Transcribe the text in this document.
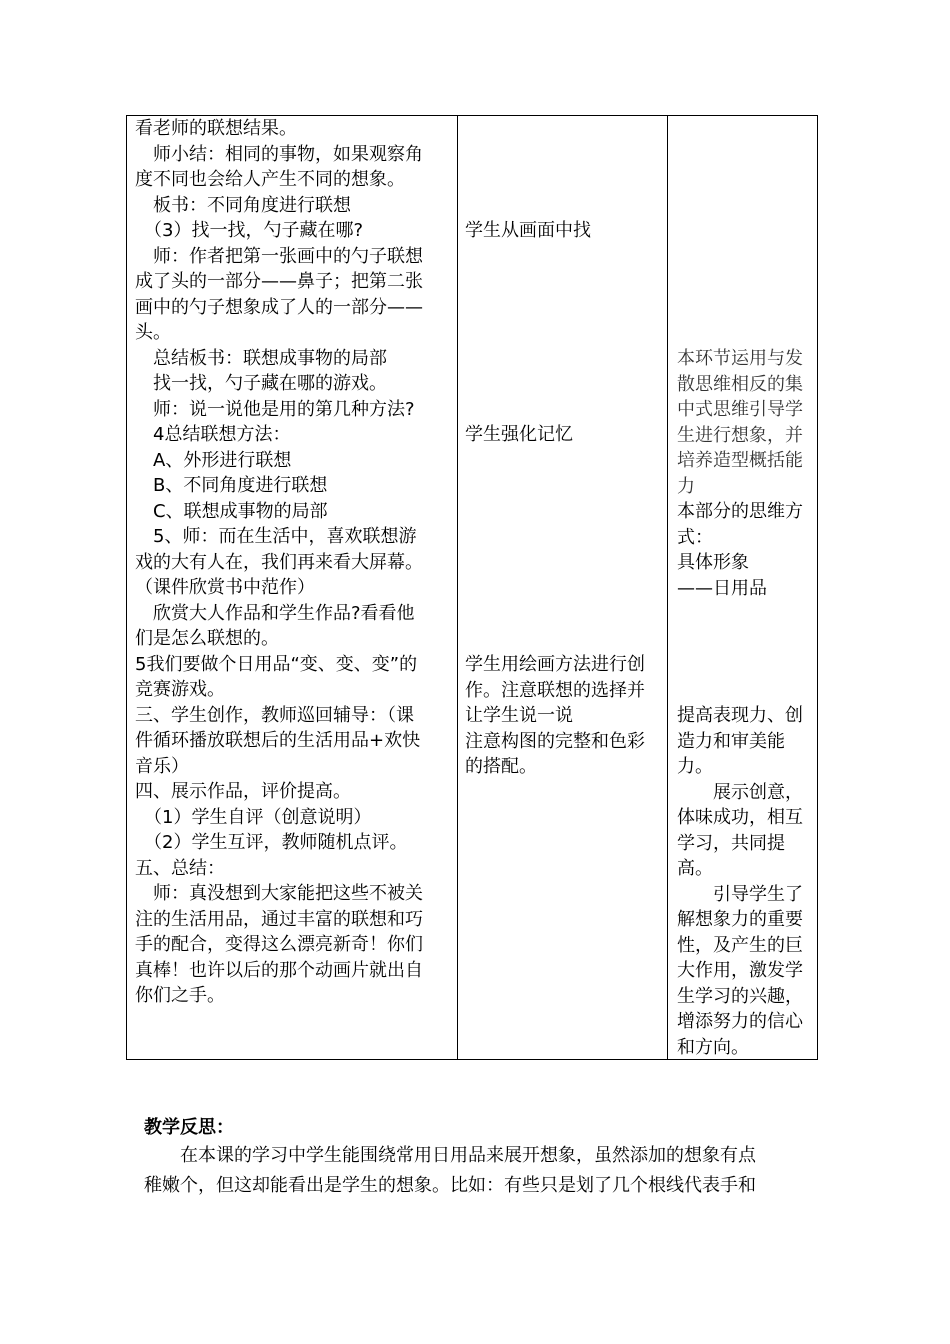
看老师的联想结果。
　师小结：相同的事物，如果观察角
度不同也会给人产生不同的想象。
　板书：不同角度进行联想
　（3）找一找，勺子藏在哪?
　师：作者把第一张画中的勺子联想
成了头的一部分——鼻子；把第二张
画中的勺子想象成了人的一部分——
头。
　总结板书：联想成事物的局部
　找一找，勺子藏在哪的游戏。
　师：说一说他是用的第几种方法?
　4总结联想方法：
　A、外形进行联想
　B、不同角度进行联想
　C、联想成事物的局部
　5、师：而在生活中，喜欢联想游
戏的大有人在，我们再来看大屏幕。
（课件欣赏书中范作）
　欣赏大人作品和学生作品?看看他
们是怎么联想的。
5我们要做个日用品“变、变、变”的
竞赛游戏。
三、学生创作，教师巡回辅导：（课
件循环播放联想后的生活用品+欢快
音乐）
四、展示作品，评价提高。
　（1）学生自评（创意说明）
　（2）学生互评，教师随机点评。
五、总结：
　师：真没想到大家能把这些不被关
注的生活用品，通过丰富的联想和巧
手的配合，变得这么漂亮新奇！你们
真棒！也许以后的那个动画片就出自
你们之手。
学生从画面中找
学生强化记忆
学生用绘画方法进行创
作。注意联想的选择并
让学生说一说
注意构图的完整和色彩
的搭配。
本环节运用与发
散思维相反的集
中式思维引导学
生进行想象，并
培养造型概括能
力
本部分的思维方
式：
具体形象
——日用品
提高表现力、创
造力和审美能
力。
　　展示创意，
体味成功，相互
学习，共同提
高。
　　引导学生了
解想象力的重要
性，及产生的巨
大作用，激发学
生学习的兴趣，
增添努力的信心
和方向。
教学反思：
　　在本课的学习中学生能围绕常用日用品来展开想象，虽然添加的想象有点
稚嫩个，但这却能看出是学生的想象。比如：有些只是划了几个根线代表手和
